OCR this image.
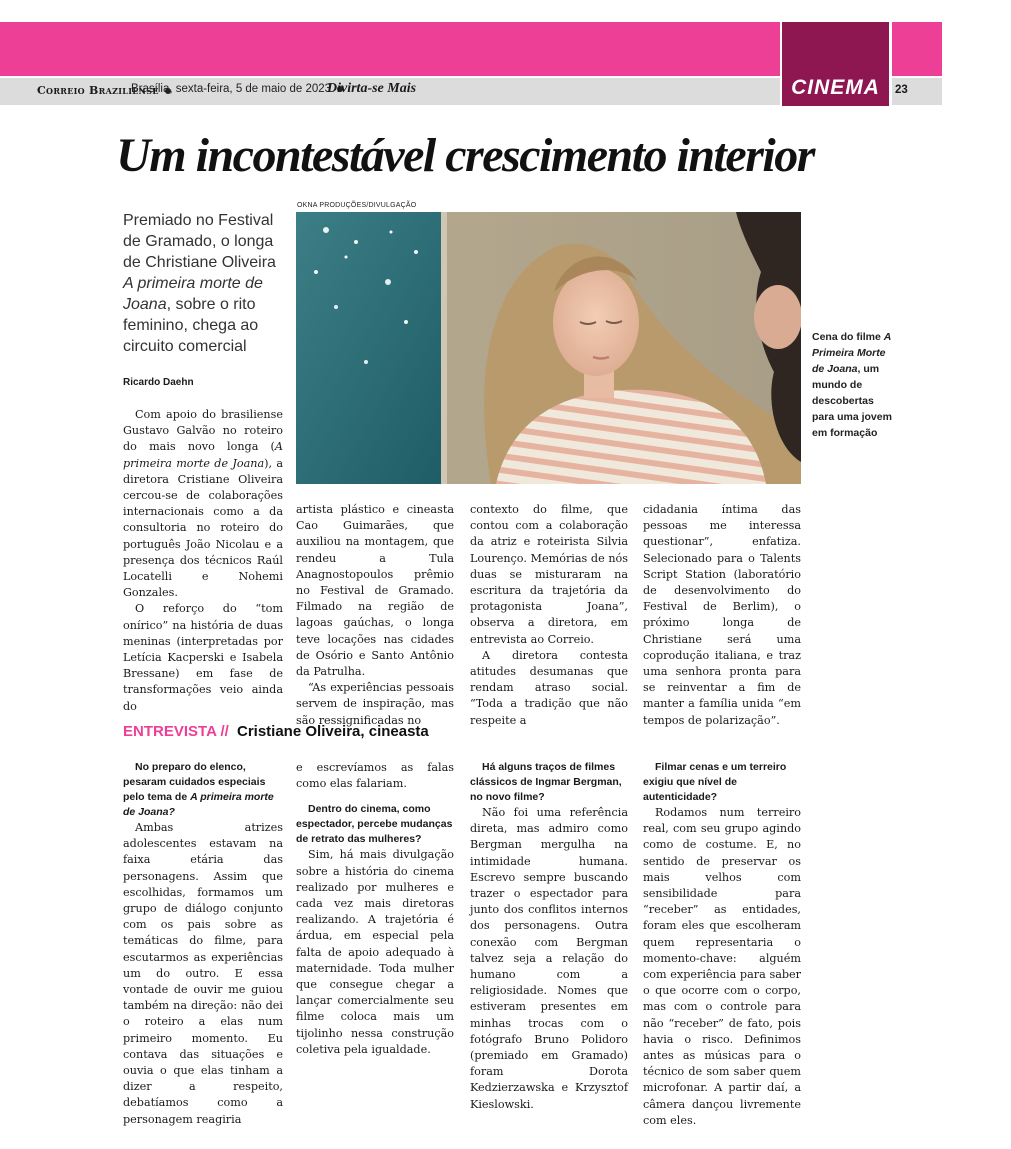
CINEMA
Correio Braziliense
Brasília, sexta-feira, 5 de maio de 2023
Divirta-se Mais	23
Um incontestável crescimento interior

Premiado no Festival de Gramado, o longa de Christiane Oliveira A primeira morte de Joana, sobre o rito feminino, chega ao circuito comercial

Ricardo Daehn
OKNA PRODUÇÕES/DIVULGAÇÃO

Cena do filme A Primeira Morte de Joana, um mundo de descobertas para uma jovem em formação

Com apoio do brasiliense Gustavo Galvão no roteiro do mais novo longa (A primeira morte de Joana), a diretora Cristiane Oliveira cercou-se de colaborações internacionais como a da consultoria no roteiro do português João Nicolau e a presença dos técnicos Raúl Locatelli e Nohemi Gonzales.

O reforço do “tom onírico” na história de duas meninas (interpretadas por Letícia Kacperski e Isabela Bressane) em fase de transformações veio ainda do

artista plástico e cineasta Cao Guimarães, que auxiliou na montagem, que rendeu a Tula Anagnostopoulos prêmio no Festival de Gramado. Filmado na região de lagoas gaúchas, o longa teve locações nas cidades de Osório e Santo Antônio da Patrulha.

“As experiências pessoais servem de inspiração, mas são ressignificadas no

contexto do filme, que contou com a colaboração da atriz e roteirista Silvia Lourenço. Memórias de nós duas se misturaram na escritura da trajetória da protagonista Joana”, observa a diretora, em entrevista ao Correio.

A diretora contesta atitudes desumanas que rendam atraso social. “Toda a tradição que não respeite a

cidadania íntima das pessoas me interessa questionar”, enfatiza. Selecionado para o Talents Script Station (laboratório de desenvolvimento do Festival de Berlim), o próximo longa de Christiane será uma coprodução italiana, e traz uma senhora pronta para se reinventar a fim de manter a família unida “em tempos de polarização”.

ENTREVISTA // Cristiane Oliveira, cineasta

No preparo do elenco, pesaram cuidados especiais pelo tema de A primeira morte de Joana?

Ambas atrizes adolescentes estavam na faixa etária das personagens. Assim que escolhidas, formamos um grupo de diálogo conjunto com os pais sobre as temáticas do filme, para escutarmos as experiências um do outro. E essa vontade de ouvir me guiou também na direção: não dei o roteiro a elas num primeiro momento. Eu contava das situações e ouvia o que elas tinham a dizer a respeito, debatíamos como a personagem reagiria

e escrevíamos as falas como elas falariam.

Dentro do cinema, como espectador, percebe mudanças de retrato das mulheres?

Sim, há mais divulgação sobre a história do cinema realizado por mulheres e cada vez mais diretoras realizando. A trajetória é árdua, em especial pela falta de apoio adequado à maternidade. Toda mulher que consegue chegar a lançar comercialmente seu filme coloca mais um tijolinho nessa construção coletiva pela igualdade.

Há alguns traços de filmes clássicos de Ingmar Bergman, no novo filme?

Não foi uma referência direta, mas admiro como Bergman mergulha na intimidade humana. Escrevo sempre buscando trazer o espectador para junto dos conflitos internos dos personagens. Outra conexão com Bergman talvez seja a relação do humano com a religiosidade. Nomes que estiveram presentes em minhas trocas com o fotógrafo Bruno Polidoro (premiado em Gramado) foram Dorota Kedzierzawska e Krzysztof Kieslowski.

Filmar cenas e um terreiro exigiu que nível de autenticidade?

Rodamos num terreiro real, com seu grupo agindo como de costume. E, no sentido de preservar os mais velhos com sensibilidade para “receber” as entidades, foram eles que escolheram quem representaria o momento-chave: alguém com experiência para saber o que ocorre com o corpo, mas com o controle para não “receber” de fato, pois havia o risco. Definimos antes as músicas para o técnico de som saber quem microfonar. A partir daí, a câmera dançou livremente com eles.
